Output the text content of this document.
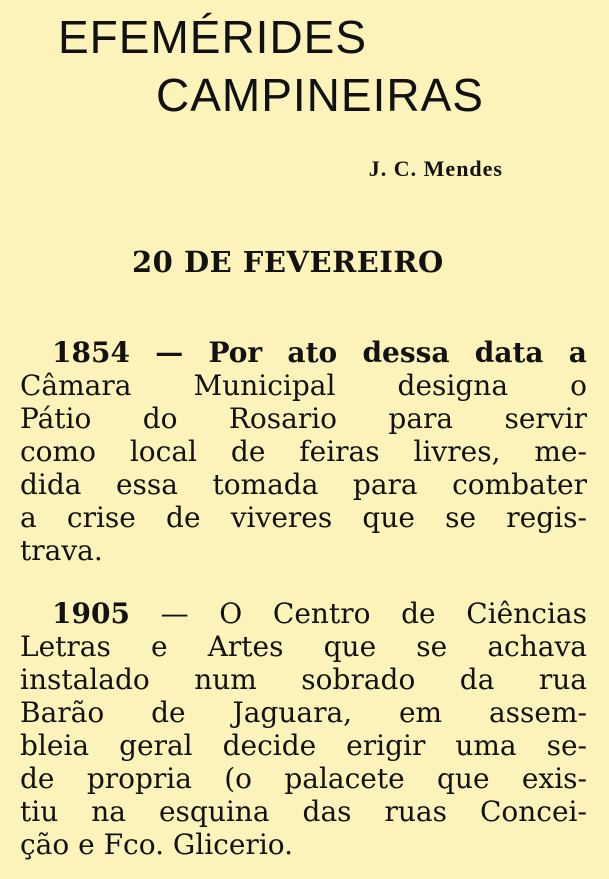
EFEMÉRIDES
CAMPINEIRAS

J. C. Mendes

20 DE FEVEREIRO
1854 — Por ato dessa data a
Câmara Municipal designa o
Pátio do Rosario para servir
como local de feiras livres, me-
dida essa tomada para combater
a crise de viveres que se regis-
trava.
1905 — O Centro de Ciências
Letras e Artes que se achava
instalado num sobrado da rua
Barão de Jaguara, em assem-
bleia geral decide erigir uma se-
de propria (o palacete que exis-
tiu na esquina das ruas Concei-
ção e Fco. Glicerio.
